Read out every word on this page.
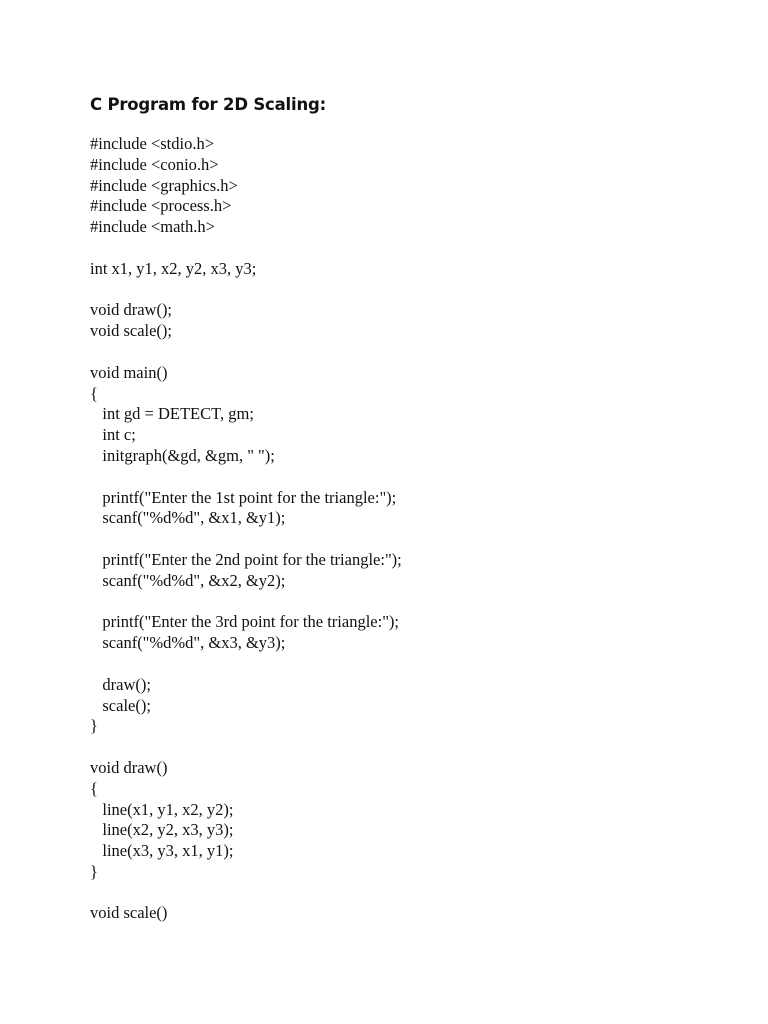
C Program for 2D Scaling:
#include <stdio.h>
#include <conio.h>
#include <graphics.h>
#include <process.h>
#include <math.h>
int x1, y1, x2, y2, x3, y3;
void draw();
void scale();
void main()
{
int gd = DETECT, gm;
int c;
initgraph(&gd, &gm, " ");
printf("Enter the 1st point for the triangle:");
scanf("%d%d", &x1, &y1);
printf("Enter the 2nd point for the triangle:");
scanf("%d%d", &x2, &y2);
printf("Enter the 3rd point for the triangle:");
scanf("%d%d", &x3, &y3);
draw();
scale();
}
void draw()
{
line(x1, y1, x2, y2);
line(x2, y2, x3, y3);
line(x3, y3, x1, y1);
}
void scale()
